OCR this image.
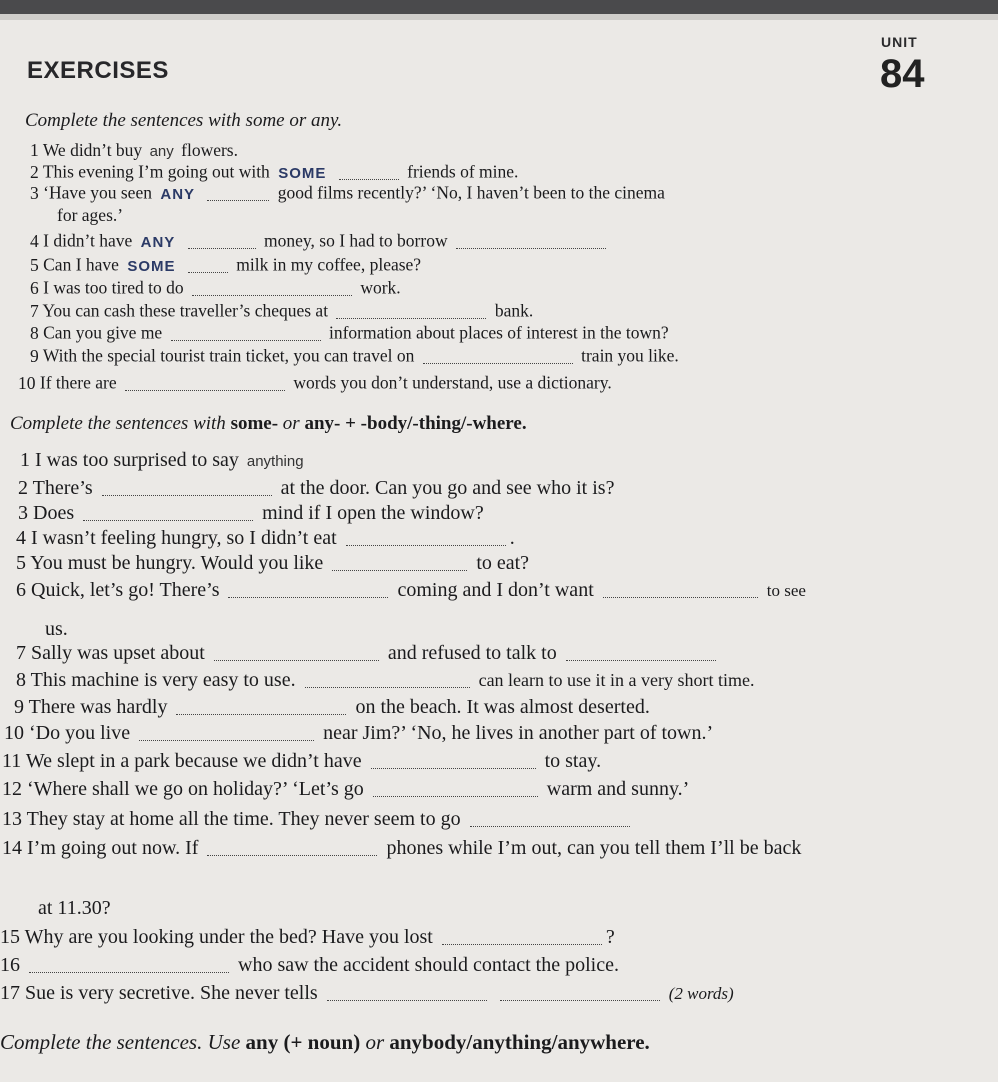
EXERCISES
UNIT
84
Complete the sentences with some or any.
1 We didn’t buy any flowers.
2 This evening I’m going out with SOME	friends of mine.
3 ‘Have you seen ANY	good films recently?’ ‘No, I haven’t been to the cinema
for ages.’
4 I didn’t have ANY	money, so I had to borrow
5 Can I have SOME	milk in my coffee, please?
6 I was too tired to do	work.
7 You can cash these traveller’s cheques at	bank.
8 Can you give me	information about places of interest in the town?
9 With the special tourist train ticket, you can travel on	train you like.
10 If there are	words you don’t understand, use a dictionary.
Complete the sentences with some- or any- + -body/-thing/-where.
1 I was too surprised to say anything
2 There’s	at the door. Can you go and see who it is?
3 Does	mind if I open the window?
4 I wasn’t feeling hungry, so I didn’t eat	.
5 You must be hungry. Would you like	to eat?
6 Quick, let’s go! There’s	coming and I don’t want	to see
us.
7 Sally was upset about	and refused to talk to
8 This machine is very easy to use.	can learn to use it in a very short time.
9 There was hardly	on the beach. It was almost deserted.
10 ‘Do you live	near Jim?’ ‘No, he lives in another part of town.’
11 We slept in a park because we didn’t have	to stay.
12 ‘Where shall we go on holiday?’ ‘Let’s go	warm and sunny.’
13 They stay at home all the time. They never seem to go
14 I’m going out now. If	phones while I’m out, can you tell them I’ll be back
at 11.30?
15 Why are you looking under the bed? Have you lost	?
16	who saw the accident should contact the police.
17 Sue is very secretive. She never tells	(2 words)
Complete the sentences. Use any (+ noun) or anybody/anything/anywhere.
